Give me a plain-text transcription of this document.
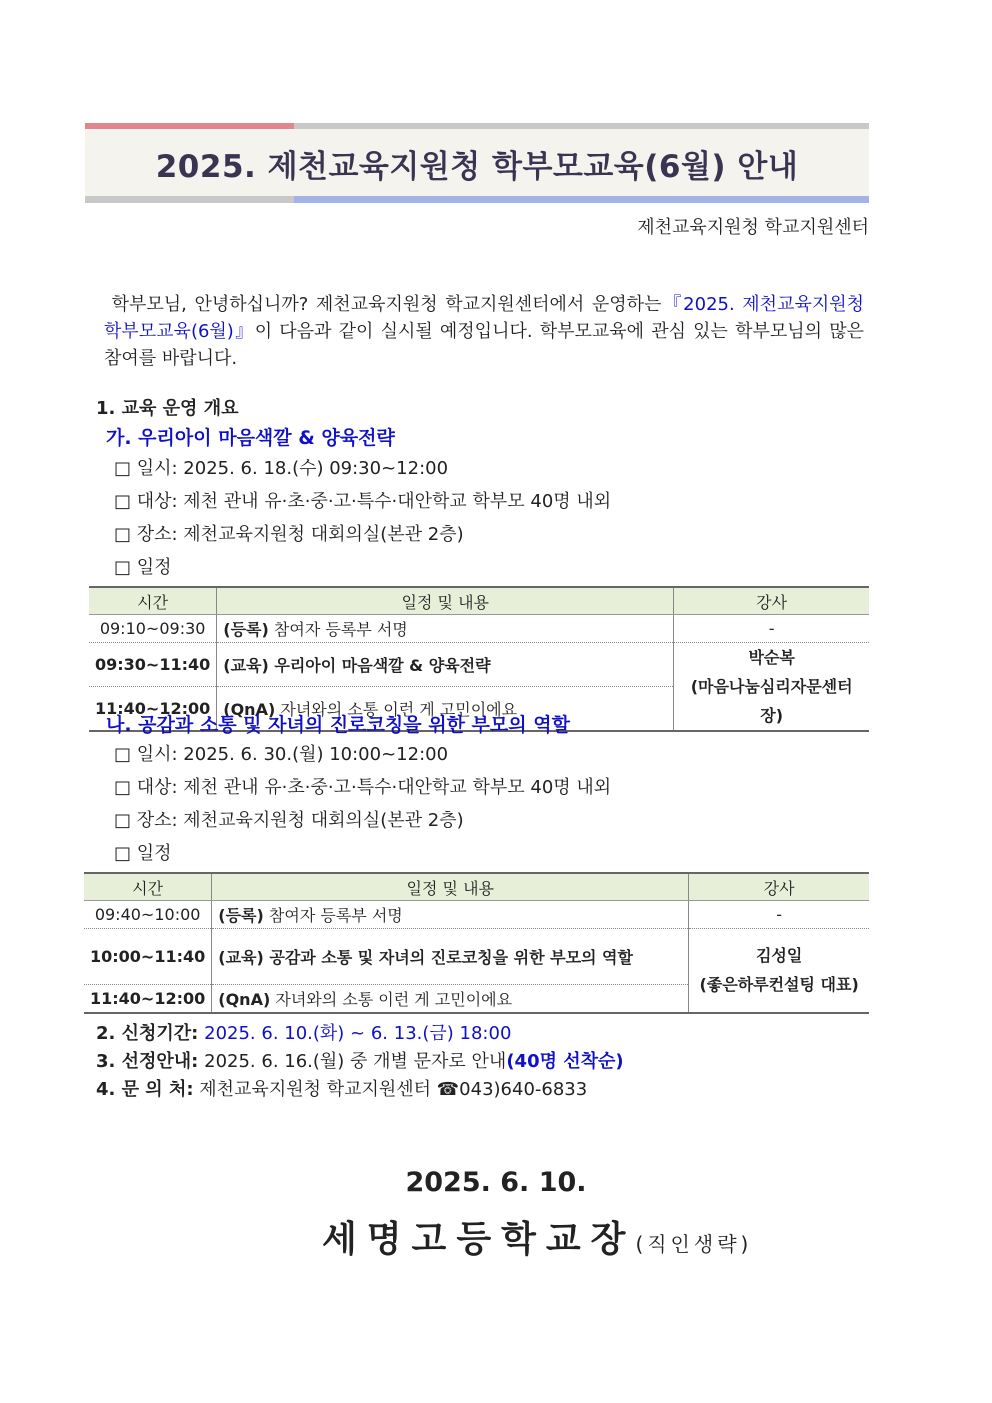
2025. 제천교육지원청 학부모교육(6월) 안내
제천교육지원청 학교지원센터
학부모님, 안녕하십니까? 제천교육지원청 학교지원센터에서 운영하는『2025. 제천교육지원청 학부모교육(6월)』이 다음과 같이 실시될 예정입니다. 학부모교육에 관심 있는 학부모님의 많은 참여를 바랍니다.
1. 교육 운영 개요
가. 우리아이 마음색깔 & 양육전략
□ 일시: 2025. 6. 18.(수) 09:30~12:00
□ 대상: 제천 관내 유·초·중·고·특수·대안학교 학부모 40명 내외
□ 장소: 제천교육지원청 대회의실(본관 2층)
□ 일정
시간	일정 및 내용	강사
09:10~09:30	(등록) 참여자 등록부 서명	-
09:30~11:40	(교육) 우리아이 마음색깔 & 양육전략	박순복
(마음나눔심리자문센터장)

11:40~12:00	(QnA) 자녀와의 소통 이런 게 고민이에요	
나. 공감과 소통 및 자녀의 진로코칭을 위한 부모의 역할
□ 일시: 2025. 6. 30.(월) 10:00~12:00
□ 대상: 제천 관내 유·초·중·고·특수·대안학교 학부모 40명 내외
□ 장소: 제천교육지원청 대회의실(본관 2층)
□ 일정
시간	일정 및 내용	강사
09:40~10:00	(등록) 참여자 등록부 서명	-
10:00~11:40	(교육) 공감과 소통 및 자녀의 진로코칭을 위한 부모의 역할	김성일
(좋은하루컨설팅 대표)

11:40~12:00	(QnA) 자녀와의 소통 이런 게 고민이에요	
2. 신청기간: 2025. 6. 10.(화) ~ 6. 13.(금) 18:00
3. 선정안내: 2025. 6. 16.(월) 중 개별 문자로 안내(40명 선착순)
4. 문 의 처: 제천교육지원청 학교지원센터 ☎043)640-6833
2025. 6. 10.
세명고등학교장(직인생략)
